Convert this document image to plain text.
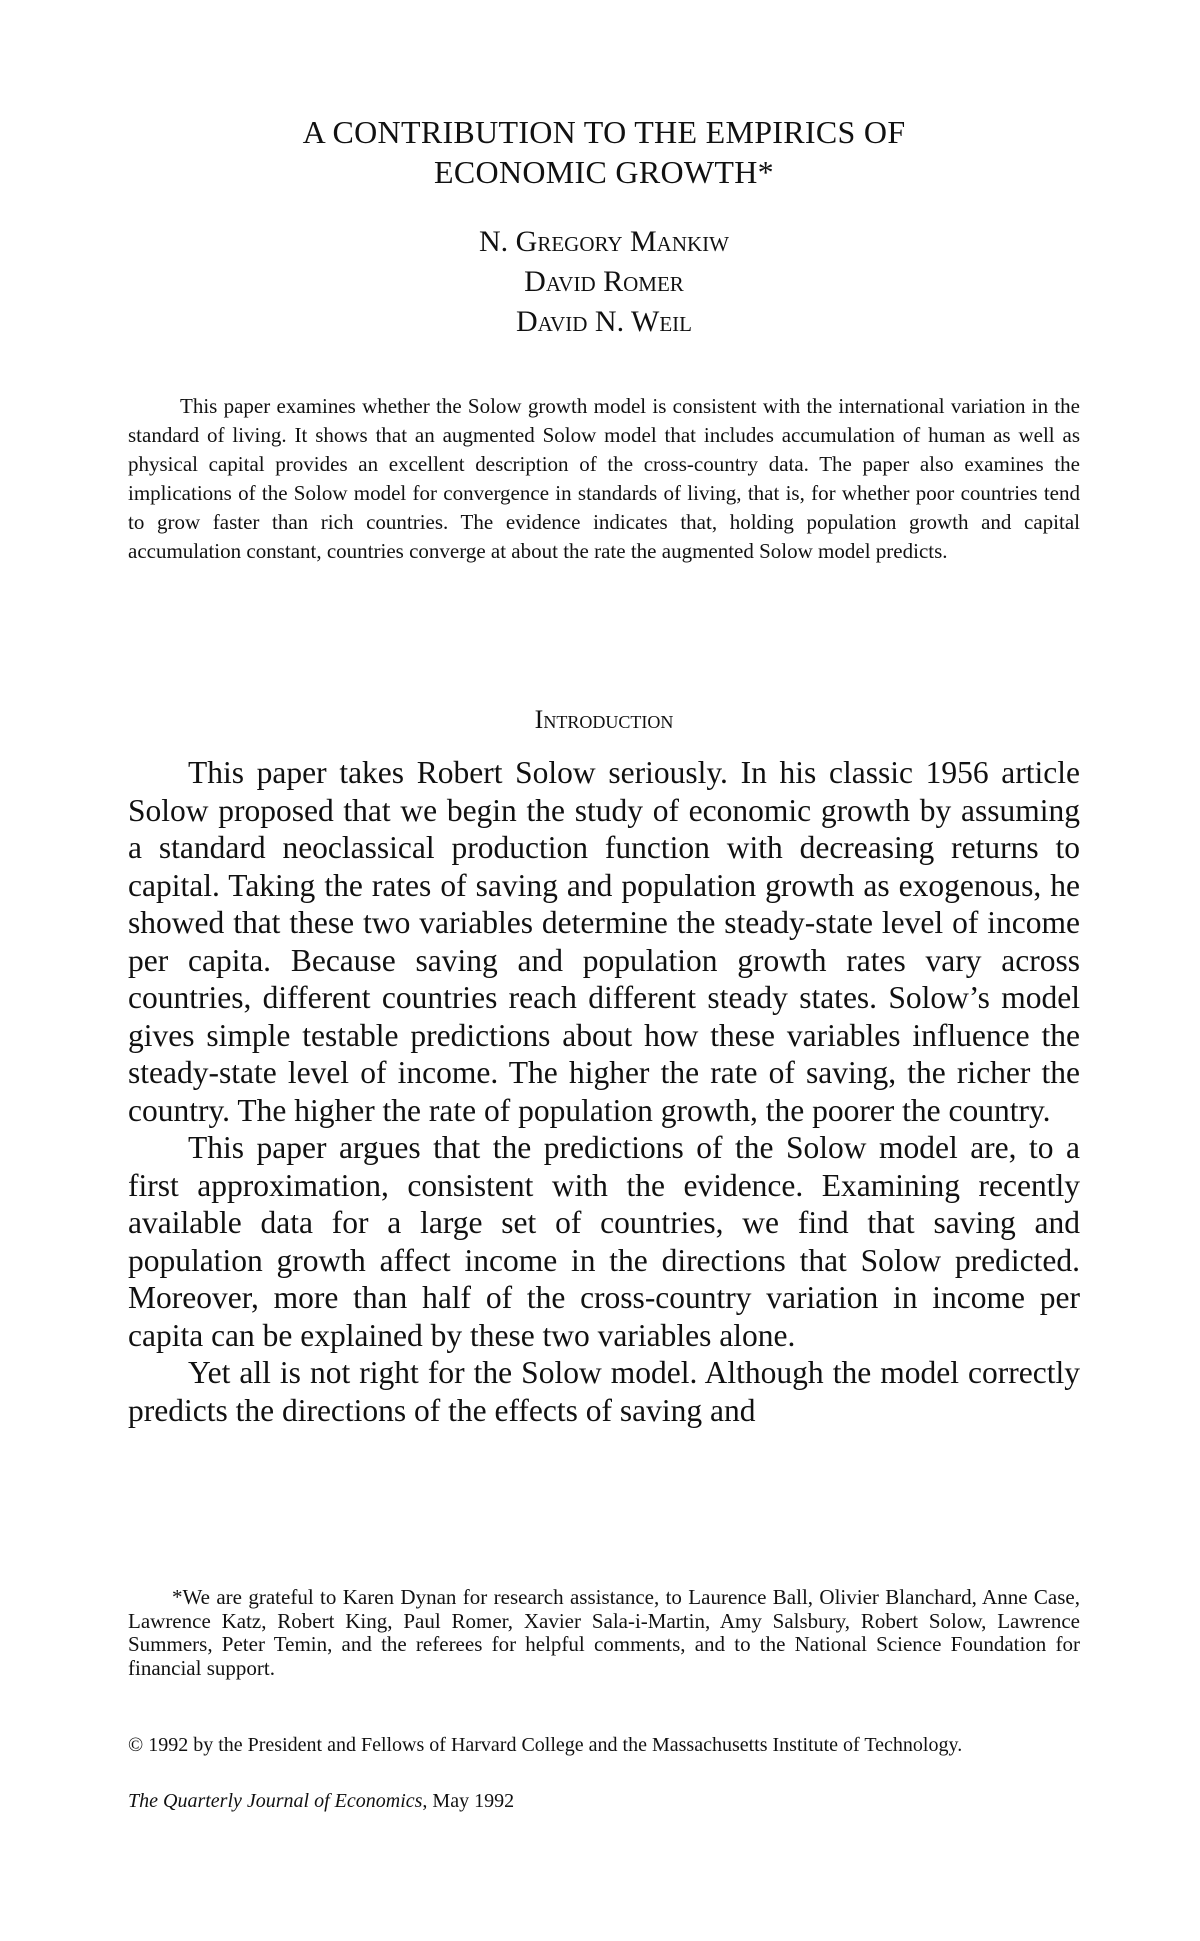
A CONTRIBUTION TO THE EMPIRICS OF
ECONOMIC GROWTH*
N. Gregory Mankiw
David Romer
David N. Weil

This paper examines whether the Solow growth model is consistent with the international variation in the standard of living. It shows that an augmented Solow model that includes accumulation of human as well as physical capital provides an excellent description of the cross-country data. The paper also examines the implications of the Solow model for convergence in standards of living, that is, for whether poor countries tend to grow faster than rich countries. The evidence indicates that, holding population growth and capital accumulation constant, countries converge at about the rate the augmented Solow model predicts.

Introduction

This paper takes Robert Solow seriously. In his classic 1956 article Solow proposed that we begin the study of economic growth by assuming a standard neoclassical production function with decreasing returns to capital. Taking the rates of saving and population growth as exogenous, he showed that these two variables determine the steady-state level of income per capita. Because saving and population growth rates vary across countries, different countries reach different steady states. Solow’s model gives simple testable predictions about how these variables influence the steady-state level of income. The higher the rate of saving, the richer the country. The higher the rate of population growth, the poorer the country.

This paper argues that the predictions of the Solow model are, to a first approximation, consistent with the evidence. Examining recently available data for a large set of countries, we find that saving and population growth affect income in the directions that Solow predicted. Moreover, more than half of the cross-country variation in income per capita can be explained by these two variables alone.

Yet all is not right for the Solow model. Although the model correctly predicts the directions of the effects of saving and

*We are grateful to Karen Dynan for research assistance, to Laurence Ball, Olivier Blanchard, Anne Case, Lawrence Katz, Robert King, Paul Romer, Xavier Sala-i-Martin, Amy Salsbury, Robert Solow, Lawrence Summers, Peter Temin, and the referees for helpful comments, and to the National Science Foundation for financial support.

© 1992 by the President and Fellows of Harvard College and the Massachusetts Institute of Technology.

The Quarterly Journal of Economics, May 1992
